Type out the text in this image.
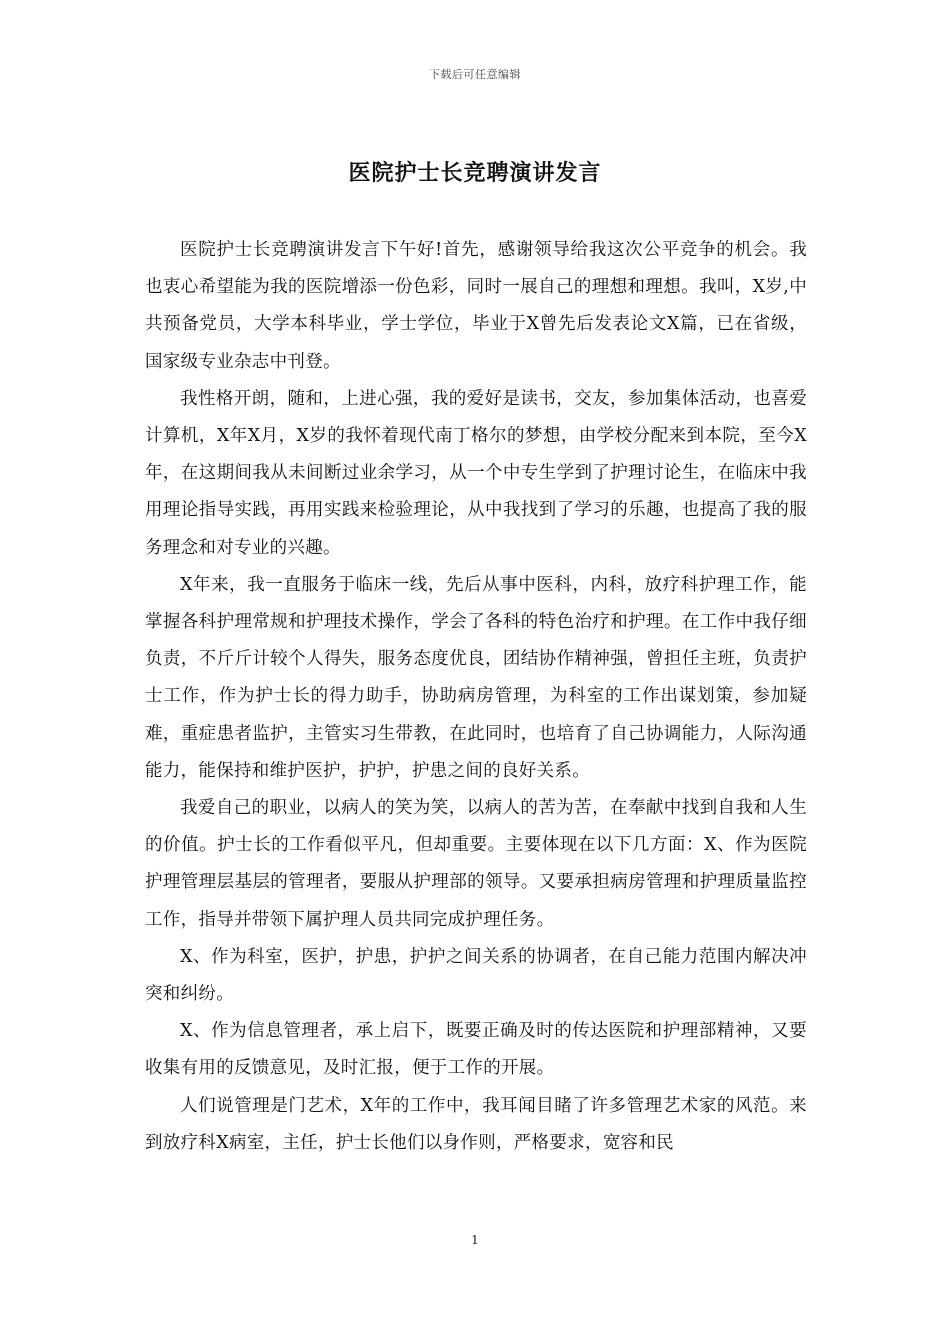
下载后可任意编辑
医院护士长竞聘演讲发言

医院护士长竞聘演讲发言下午好!首先，感谢领导给我这次公平竞争的机会。我也衷心希望能为我的医院增添一份色彩，同时一展自己的理想和理想。我叫，X岁,中共预备党员，大学本科毕业，学士学位，毕业于X曾先后发表论文X篇，已在省级，国家级专业杂志中刊登。

我性格开朗，随和，上进心强，我的爱好是读书，交友，参加集体活动，也喜爱计算机，X年X月，X岁的我怀着现代南丁格尔的梦想，由学校分配来到本院，至今X年，在这期间我从未间断过业余学习，从一个中专生学到了护理讨论生，在临床中我用理论指导实践，再用实践来检验理论，从中我找到了学习的乐趣，也提高了我的服务理念和对专业的兴趣。

X年来，我一直服务于临床一线，先后从事中医科，内科，放疗科护理工作，能掌握各科护理常规和护理技术操作，学会了各科的特色治疗和护理。在工作中我仔细负责，不斤斤计较个人得失，服务态度优良，团结协作精神强，曾担任主班，负责护士工作，作为护士长的得力助手，协助病房管理，为科室的工作出谋划策，参加疑难，重症患者监护，主管实习生带教，在此同时，也培育了自己协调能力，人际沟通能力，能保持和维护医护，护护，护患之间的良好关系。

我爱自己的职业，以病人的笑为笑，以病人的苦为苦，在奉献中找到自我和人生的价值。护士长的工作看似平凡，但却重要。主要体现在以下几方面：X、作为医院护理管理层基层的管理者，要服从护理部的领导。又要承担病房管理和护理质量监控工作，指导并带领下属护理人员共同完成护理任务。

X、作为科室，医护，护患，护护之间关系的协调者，在自己能力范围内解决冲突和纠纷。

X、作为信息管理者，承上启下，既要正确及时的传达医院和护理部精神，又要收集有用的反馈意见，及时汇报，便于工作的开展。

人们说管理是门艺术，X年的工作中，我耳闻目睹了许多管理艺术家的风范。来到放疗科X病室，主任，护士长他们以身作则，严格要求，宽容和民

1
